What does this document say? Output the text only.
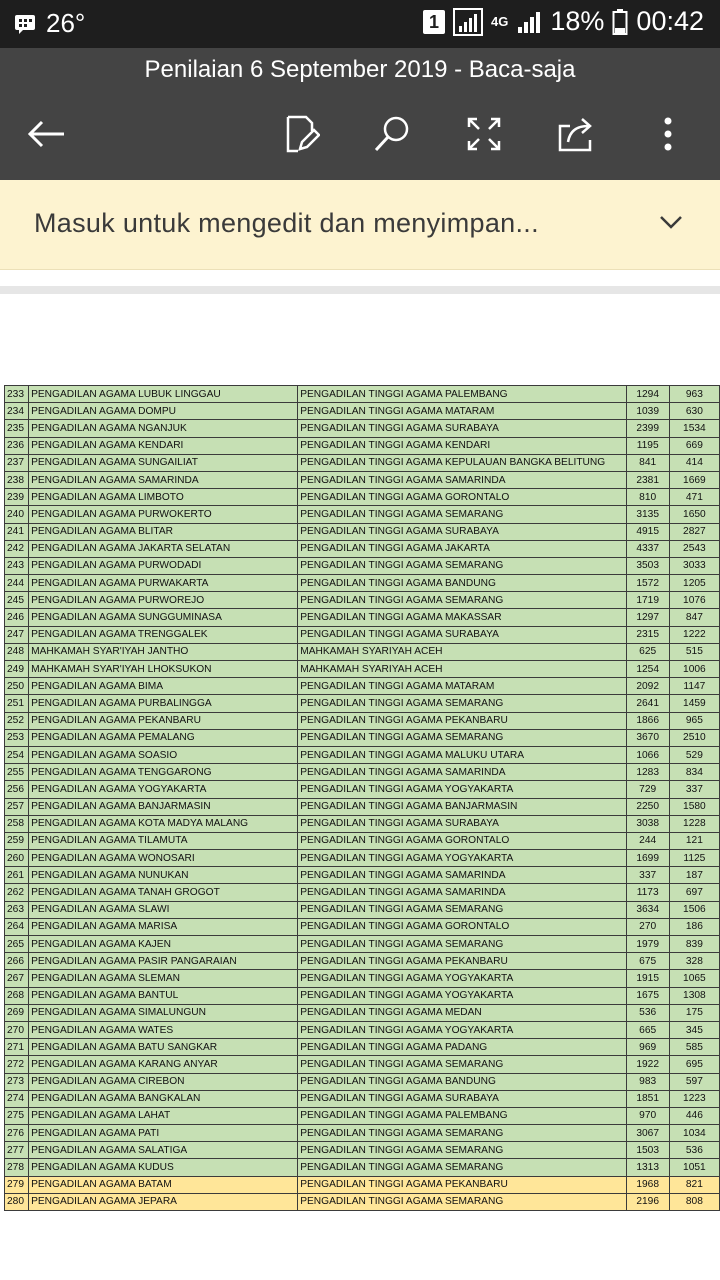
26°	1	4G 18% 00:42
Penilaian 6 September 2019 - Baca-saja
Masuk untuk mengedit dan menyimpan...
233	PENGADILAN AGAMA LUBUK LINGGAU	PENGADILAN TINGGI AGAMA PALEMBANG	1294	963
234	PENGADILAN AGAMA DOMPU	PENGADILAN TINGGI AGAMA MATARAM	1039	630
235	PENGADILAN AGAMA NGANJUK	PENGADILAN TINGGI AGAMA SURABAYA	2399	1534
236	PENGADILAN AGAMA KENDARI	PENGADILAN TINGGI AGAMA KENDARI	1195	669
237	PENGADILAN AGAMA SUNGAILIAT	PENGADILAN TINGGI AGAMA KEPULAUAN BANGKA BELITUNG	841	414
238	PENGADILAN AGAMA SAMARINDA	PENGADILAN TINGGI AGAMA SAMARINDA	2381	1669
239	PENGADILAN AGAMA LIMBOTO	PENGADILAN TINGGI AGAMA GORONTALO	810	471
240	PENGADILAN AGAMA PURWOKERTO	PENGADILAN TINGGI AGAMA SEMARANG	3135	1650
241	PENGADILAN AGAMA BLITAR	PENGADILAN TINGGI AGAMA SURABAYA	4915	2827
242	PENGADILAN AGAMA JAKARTA SELATAN	PENGADILAN TINGGI AGAMA JAKARTA	4337	2543
243	PENGADILAN AGAMA PURWODADI	PENGADILAN TINGGI AGAMA SEMARANG	3503	3033
244	PENGADILAN AGAMA PURWAKARTA	PENGADILAN TINGGI AGAMA BANDUNG	1572	1205
245	PENGADILAN AGAMA PURWOREJO	PENGADILAN TINGGI AGAMA SEMARANG	1719	1076
246	PENGADILAN AGAMA SUNGGUMINASA	PENGADILAN TINGGI AGAMA MAKASSAR	1297	847
247	PENGADILAN AGAMA TRENGGALEK	PENGADILAN TINGGI AGAMA SURABAYA	2315	1222
248	MAHKAMAH SYAR'IYAH JANTHO	MAHKAMAH SYARIYAH ACEH	625	515
249	MAHKAMAH SYAR'IYAH LHOKSUKON	MAHKAMAH SYARIYAH ACEH	1254	1006
250	PENGADILAN AGAMA BIMA	PENGADILAN TINGGI AGAMA MATARAM	2092	1147
251	PENGADILAN AGAMA PURBALINGGA	PENGADILAN TINGGI AGAMA SEMARANG	2641	1459
252	PENGADILAN AGAMA PEKANBARU	PENGADILAN TINGGI AGAMA PEKANBARU	1866	965
253	PENGADILAN AGAMA PEMALANG	PENGADILAN TINGGI AGAMA SEMARANG	3670	2510
254	PENGADILAN AGAMA SOASIO	PENGADILAN TINGGI AGAMA MALUKU UTARA	1066	529
255	PENGADILAN AGAMA TENGGARONG	PENGADILAN TINGGI AGAMA SAMARINDA	1283	834
256	PENGADILAN AGAMA YOGYAKARTA	PENGADILAN TINGGI AGAMA YOGYAKARTA	729	337
257	PENGADILAN AGAMA BANJARMASIN	PENGADILAN TINGGI AGAMA BANJARMASIN	2250	1580
258	PENGADILAN AGAMA KOTA MADYA MALANG	PENGADILAN TINGGI AGAMA SURABAYA	3038	1228
259	PENGADILAN AGAMA TILAMUTA	PENGADILAN TINGGI AGAMA GORONTALO	244	121
260	PENGADILAN AGAMA WONOSARI	PENGADILAN TINGGI AGAMA YOGYAKARTA	1699	1125
261	PENGADILAN AGAMA NUNUKAN	PENGADILAN TINGGI AGAMA SAMARINDA	337	187
262	PENGADILAN AGAMA TANAH GROGOT	PENGADILAN TINGGI AGAMA SAMARINDA	1173	697
263	PENGADILAN AGAMA SLAWI	PENGADILAN TINGGI AGAMA SEMARANG	3634	1506
264	PENGADILAN AGAMA MARISA	PENGADILAN TINGGI AGAMA GORONTALO	270	186
265	PENGADILAN AGAMA KAJEN	PENGADILAN TINGGI AGAMA SEMARANG	1979	839
266	PENGADILAN AGAMA PASIR PANGARAIAN	PENGADILAN TINGGI AGAMA PEKANBARU	675	328
267	PENGADILAN AGAMA SLEMAN	PENGADILAN TINGGI AGAMA YOGYAKARTA	1915	1065
268	PENGADILAN AGAMA BANTUL	PENGADILAN TINGGI AGAMA YOGYAKARTA	1675	1308
269	PENGADILAN AGAMA SIMALUNGUN	PENGADILAN TINGGI AGAMA MEDAN	536	175
270	PENGADILAN AGAMA WATES	PENGADILAN TINGGI AGAMA YOGYAKARTA	665	345
271	PENGADILAN AGAMA BATU SANGKAR	PENGADILAN TINGGI AGAMA PADANG	969	585
272	PENGADILAN AGAMA KARANG ANYAR	PENGADILAN TINGGI AGAMA SEMARANG	1922	695
273	PENGADILAN AGAMA CIREBON	PENGADILAN TINGGI AGAMA BANDUNG	983	597
274	PENGADILAN AGAMA BANGKALAN	PENGADILAN TINGGI AGAMA SURABAYA	1851	1223
275	PENGADILAN AGAMA LAHAT	PENGADILAN TINGGI AGAMA PALEMBANG	970	446
276	PENGADILAN AGAMA PATI	PENGADILAN TINGGI AGAMA SEMARANG	3067	1034
277	PENGADILAN AGAMA SALATIGA	PENGADILAN TINGGI AGAMA SEMARANG	1503	536
278	PENGADILAN AGAMA KUDUS	PENGADILAN TINGGI AGAMA SEMARANG	1313	1051
279	PENGADILAN AGAMA BATAM	PENGADILAN TINGGI AGAMA PEKANBARU	1968	821
280	PENGADILAN AGAMA JEPARA	PENGADILAN TINGGI AGAMA SEMARANG	2196	808
